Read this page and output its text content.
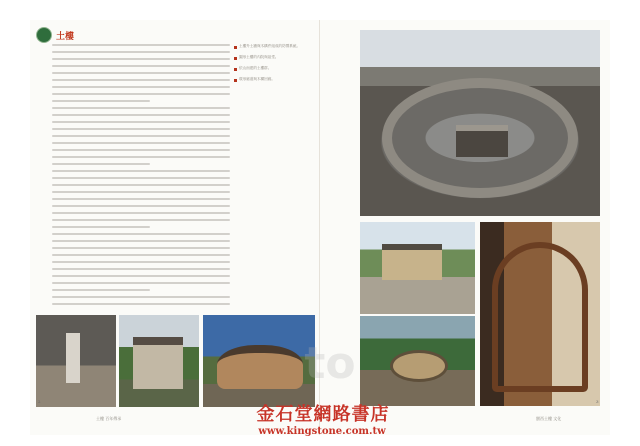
土樓
土樓外土牆與木構件組成的防禦系統。
圓形土樓的內院與祖堂。
依山而建的土樓群。
環形廊道與木構回廊。
2	3
土樓 百年傳承	閩西土樓 文化
to
金石堂網路書店
www.kingstone.com.tw
